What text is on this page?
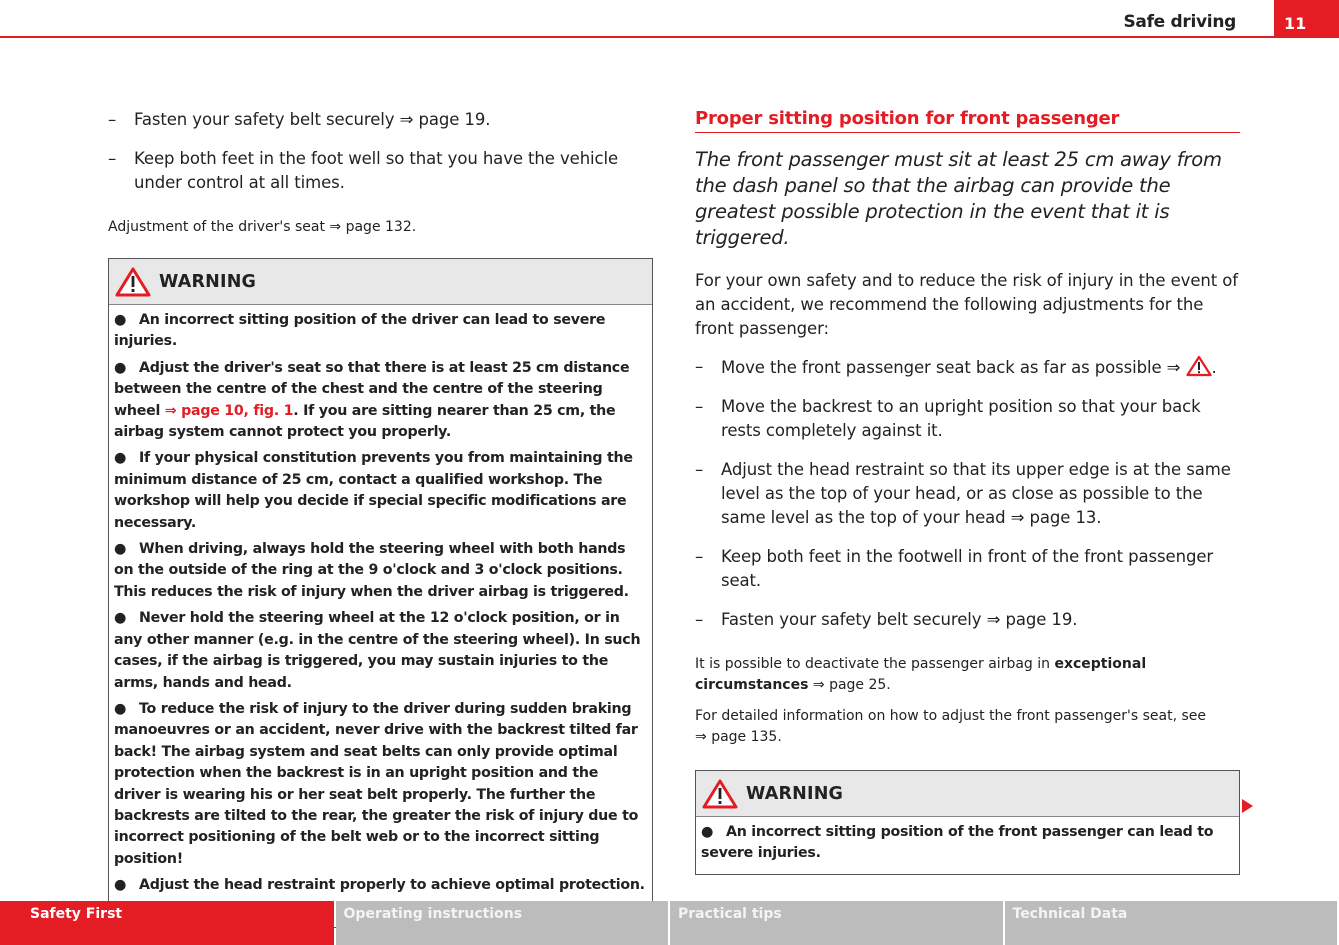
Safe driving	11
– Fasten your safety belt securely ⇒ page 19.
– Keep both feet in the foot well so that you have the vehicle under control at all times.
Adjustment of the driver's seat ⇒ page 132.
WARNING
● An incorrect sitting position of the driver can lead to severe injuries.
● Adjust the driver's seat so that there is at least 25 cm distance between the centre of the chest and the centre of the steering wheel ⇒ page 10, fig. 1. If you are sitting nearer than 25 cm, the airbag system cannot protect you properly.
● If your physical constitution prevents you from maintaining the minimum distance of 25 cm, contact a qualified workshop. The workshop will help you decide if special specific modifications are necessary.
● When driving, always hold the steering wheel with both hands on the outside of the ring at the 9 o'clock and 3 o'clock positions. This reduces the risk of injury when the driver airbag is triggered.
● Never hold the steering wheel at the 12 o'clock position, or in any other manner (e.g. in the centre of the steering wheel). In such cases, if the airbag is triggered, you may sustain injuries to the arms, hands and head.
● To reduce the risk of injury to the driver during sudden braking manoeuvres or an accident, never drive with the backrest tilted far back! The airbag system and seat belts can only provide optimal protection when the backrest is in an upright position and the driver is wearing his or her seat belt properly. The further the backrests are tilted to the rear, the greater the risk of injury due to incorrect positioning of the belt web or to the incorrect sitting position!
● Adjust the head restraint properly to achieve optimal protection.
Proper sitting position for front passenger
The front passenger must sit at least 25 cm away from the dash panel so that the airbag can provide the greatest possible protection in the event that it is triggered.
For your own safety and to reduce the risk of injury in the event of an accident, we recommend the following adjustments for the front passenger:
– Move the front passenger seat back as far as possible ⇒ .
– Move the backrest to an upright position so that your back rests completely against it.
– Adjust the head restraint so that its upper edge is at the same level as the top of your head, or as close as possible to the same level as the top of your head ⇒ page 13.
– Keep both feet in the footwell in front of the front passenger seat.
– Fasten your safety belt securely ⇒ page 19.
It is possible to deactivate the passenger airbag in exceptional circumstances ⇒ page 25.
For detailed information on how to adjust the front passenger's seat, see
⇒ page 135.
WARNING
● An incorrect sitting position of the front passenger can lead to severe injuries.
Safety First	Operating instructions	Practical tips	Technical Data
